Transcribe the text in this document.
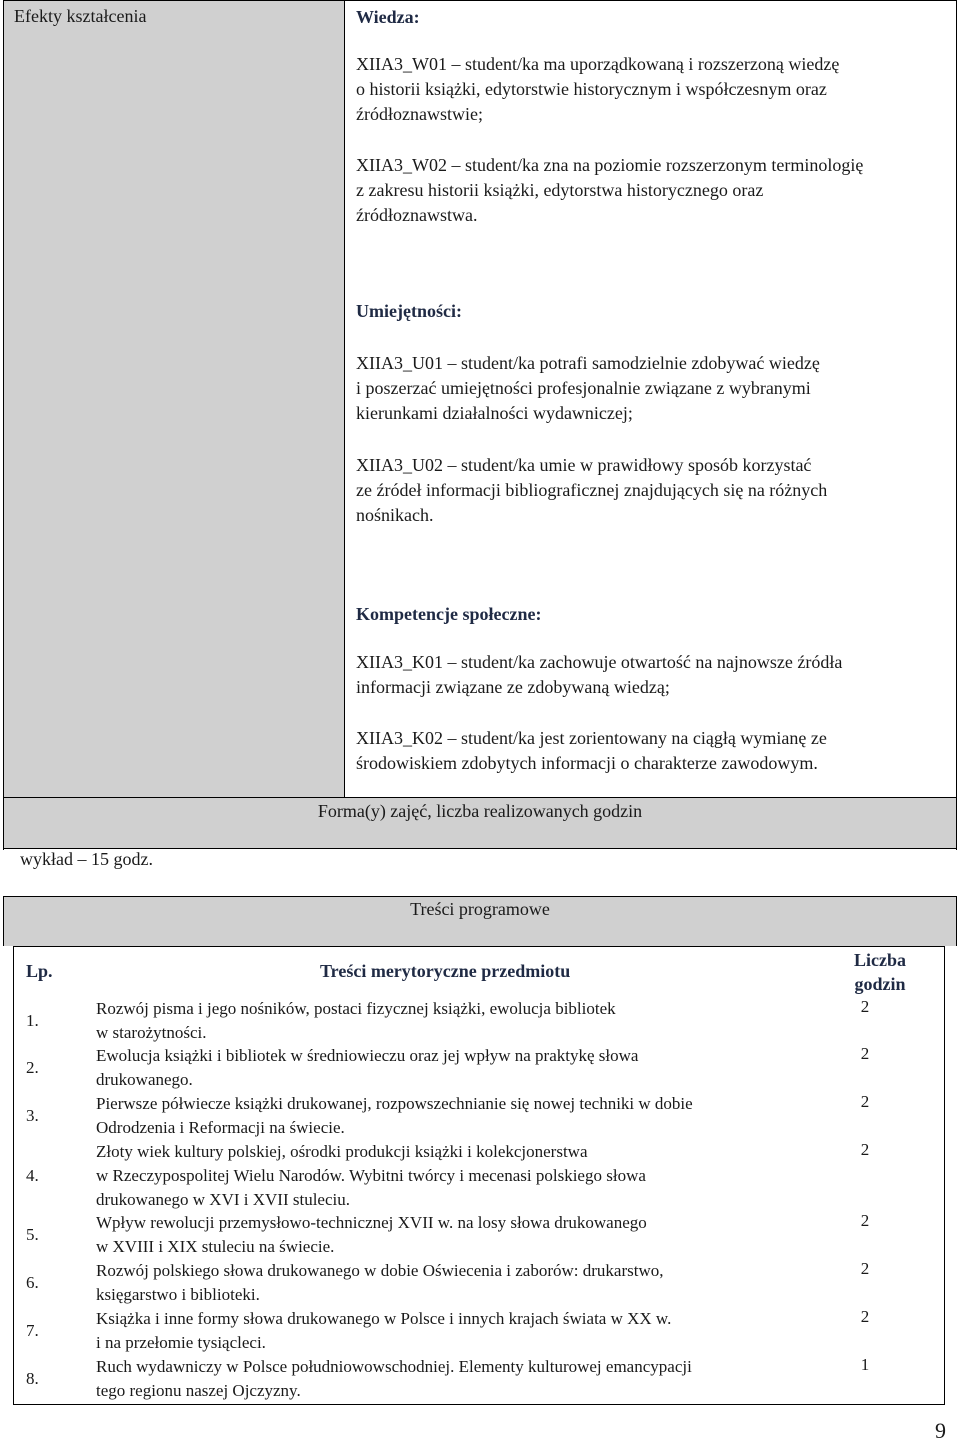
Efekty kształcenia	Wiedza:
XIIA3_W01 – student/ka ma uporządkowaną i rozszerzoną wiedzę
o historii książki, edytorstwie historycznym i współczesnym oraz
źródłoznawstwie;
XIIA3_W02 – student/ka zna na poziomie rozszerzonym terminologię
z zakresu historii książki, edytorstwa historycznego oraz
źródłoznawstwa.
Umiejętności:
XIIA3_U01 – student/ka potrafi samodzielnie zdobywać wiedzę
i poszerzać umiejętności profesjonalnie związane z wybranymi
kierunkami działalności wydawniczej;
XIIA3_U02 – student/ka umie w prawidłowy sposób korzystać
ze źródeł informacji bibliograficznej znajdujących się na różnych
nośnikach.
Kompetencje społeczne:
XIIA3_K01 – student/ka zachowuje otwartość na najnowsze źródła
informacji związane ze zdobywaną wiedzą;
XIIA3_K02 – student/ka jest zorientowany na ciągłą wymianę ze
środowiskiem zdobytych informacji o charakterze zawodowym.
Forma(y) zajęć, liczba realizowanych godzin
wykład – 15 godz.
Treści programowe
Lp.	Treści merytoryczne przedmiotu
Liczba
godzin
1.
Rozwój pisma i jego nośników, postaci fizycznej książki, ewolucja bibliotek
w starożytności.
2
2.
Ewolucja książki i bibliotek w średniowieczu oraz jej wpływ na praktykę słowa
drukowanego.
2
3.
Pierwsze półwiecze książki drukowanej, rozpowszechnianie się nowej techniki w dobie
Odrodzenia i Reformacji na świecie.
2
4.
Złoty wiek kultury polskiej, ośrodki produkcji książki i kolekcjonerstwa
w Rzeczypospolitej Wielu Narodów. Wybitni twórcy i mecenasi polskiego słowa
drukowanego w XVI i XVII stuleciu.
2
5.
Wpływ rewolucji przemysłowo-technicznej XVII w. na losy słowa drukowanego
w XVIII i XIX stuleciu na świecie.
2
6.
Rozwój polskiego słowa drukowanego w dobie Oświecenia i zaborów: drukarstwo,
księgarstwo i biblioteki.
2
7.
Książka i inne formy słowa drukowanego w Polsce i innych krajach świata w XX w.
i na przełomie tysiącleci.
2
8.
Ruch wydawniczy w Polsce południowowschodniej. Elementy kulturowej emancypacji
tego regionu naszej Ojczyzny.
1
9
